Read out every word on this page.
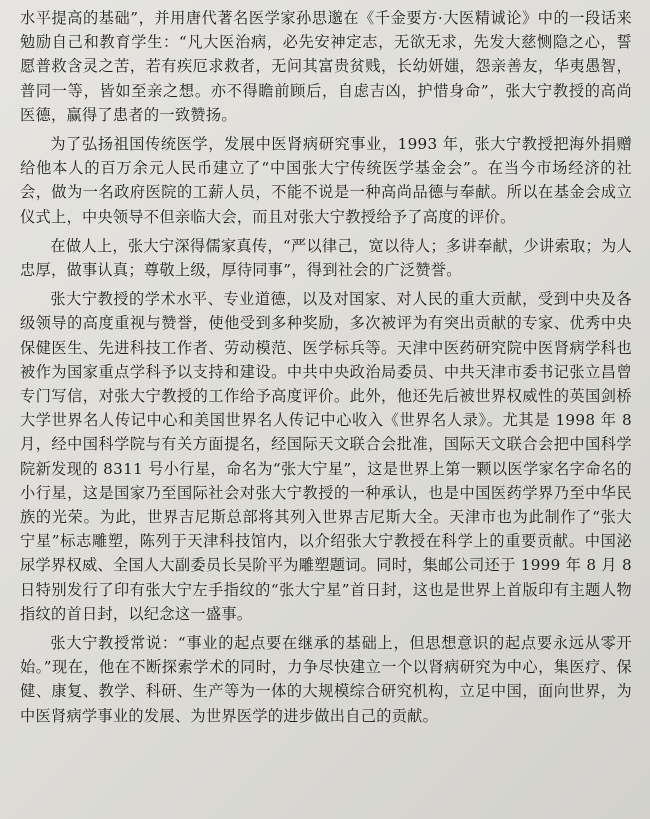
水平提高的基础”，并用唐代著名医学家孙思邈在《千金要方·大医精诚论》中的一段话来勉励自己和教育学生：“凡大医治病，必先安神定志，无欲无求，先发大慈恻隐之心，誓愿普救含灵之苦，若有疾厄求救者，无问其富贵贫贱，长幼妍媸，怨亲善友，华夷愚智，普同一等，皆如至亲之想。亦不得瞻前顾后，自虑吉凶，护惜身命”，张大宁教授的高尚医德，赢得了患者的一致赞扬。

为了弘扬祖国传统医学，发展中医肾病研究事业，1993 年，张大宁教授把海外捐赠给他本人的百万余元人民币建立了“中国张大宁传统医学基金会”。在当今市场经济的社会，做为一名政府医院的工薪人员，不能不说是一种高尚品德与奉献。所以在基金会成立仪式上，中央领导不但亲临大会，而且对张大宁教授给予了高度的评价。

在做人上，张大宁深得儒家真传，“严以律己，宽以待人；多讲奉献，少讲索取；为人忠厚，做事认真；尊敬上级，厚待同事”，得到社会的广泛赞誉。

张大宁教授的学术水平、专业道德，以及对国家、对人民的重大贡献，受到中央及各级领导的高度重视与赞誉，使他受到多种奖励，多次被评为有突出贡献的专家、优秀中央保健医生、先进科技工作者、劳动模范、医学标兵等。天津中医药研究院中医肾病学科也被作为国家重点学科予以支持和建设。中共中央政治局委员、中共天津市委书记张立昌曾专门写信，对张大宁教授的工作给予高度评价。此外，他还先后被世界权威性的英国剑桥大学世界名人传记中心和美国世界名人传记中心收入《世界名人录》。尤其是 1998 年 8 月，经中国科学院与有关方面提名，经国际天文联合会批准，国际天文联合会把中国科学院新发现的 8311 号小行星，命名为“张大宁星”，这是世界上第一颗以医学家名字命名的小行星，这是国家乃至国际社会对张大宁教授的一种承认，也是中国医药学界乃至中华民族的光荣。为此，世界吉尼斯总部将其列入世界吉尼斯大全。天津市也为此制作了“张大宁星”标志雕塑，陈列于天津科技馆内，以介绍张大宁教授在科学上的重要贡献。中国泌尿学界权威、全国人大副委员长吴阶平为雕塑题词。同时，集邮公司还于 1999 年 8 月 8 日特别发行了印有张大宁左手指纹的“张大宁星”首日封，这也是世界上首版印有主题人物指纹的首日封，以纪念这一盛事。

张大宁教授常说：“事业的起点要在继承的基础上，但思想意识的起点要永远从零开始。”现在，他在不断探索学术的同时，力争尽快建立一个以肾病研究为中心，集医疗、保健、康复、教学、科研、生产等为一体的大规模综合研究机构，立足中国，面向世界，为中医肾病学事业的发展、为世界医学的进步做出自己的贡献。
